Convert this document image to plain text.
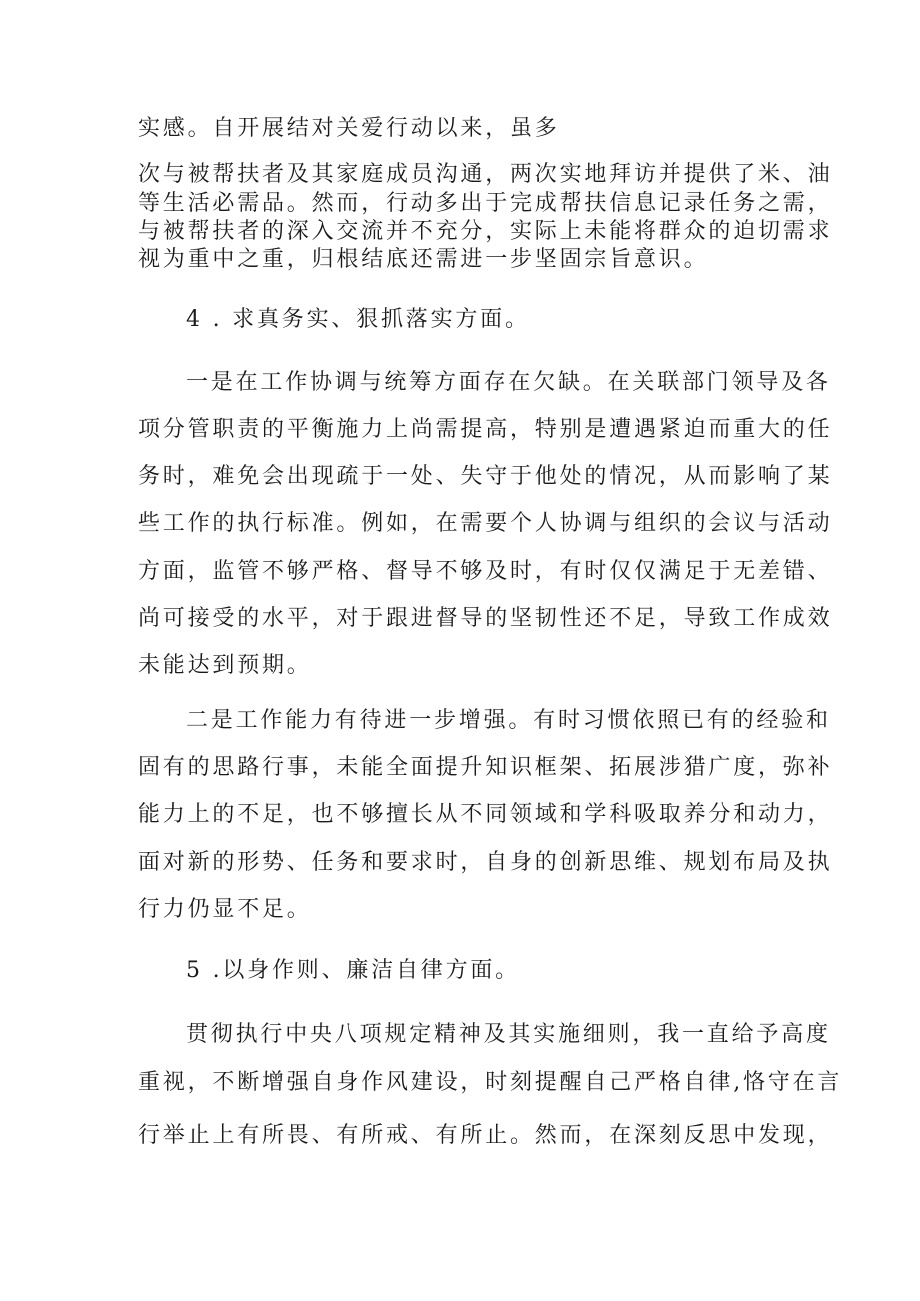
实感。自开展结对关爱行动以来，虽多

次与被帮扶者及其家庭成员沟通，两次实地拜访并提供了米、油

等生活必需品。然而，行动多出于完成帮扶信息记录任务之需，

与被帮扶者的深入交流并不充分，实际上未能将群众的迫切需求

视为重中之重，归根结底还需进一步坚固宗旨意识。

4 . 求真务实、狠抓落实方面。

一是在工作协调与统筹方面存在欠缺。在关联部门领导及各

项分管职责的平衡施力上尚需提高，特别是遭遇紧迫而重大的任

务时，难免会出现疏于一处、失守于他处的情况，从而影响了某

些工作的执行标准。例如，在需要个人协调与组织的会议与活动

方面，监管不够严格、督导不够及时，有时仅仅满足于无差错、

尚可接受的水平，对于跟进督导的坚韧性还不足，导致工作成效

未能达到预期。

二是工作能力有待进一步增强。有时习惯依照已有的经验和

固有的思路行事，未能全面提升知识框架、拓展涉猎广度，弥补

能力上的不足，也不够擅长从不同领域和学科吸取养分和动力，

面对新的形势、任务和要求时，自身的创新思维、规划布局及执

行力仍显不足。

5 .以身作则、廉洁自律方面。

贯彻执行中央八项规定精神及其实施细则，我一直给予高度

重视，不断增强自身作风建设，时刻提醒自己严格自律,恪守在言

行举止上有所畏、有所戒、有所止。然而，在深刻反思中发现，
